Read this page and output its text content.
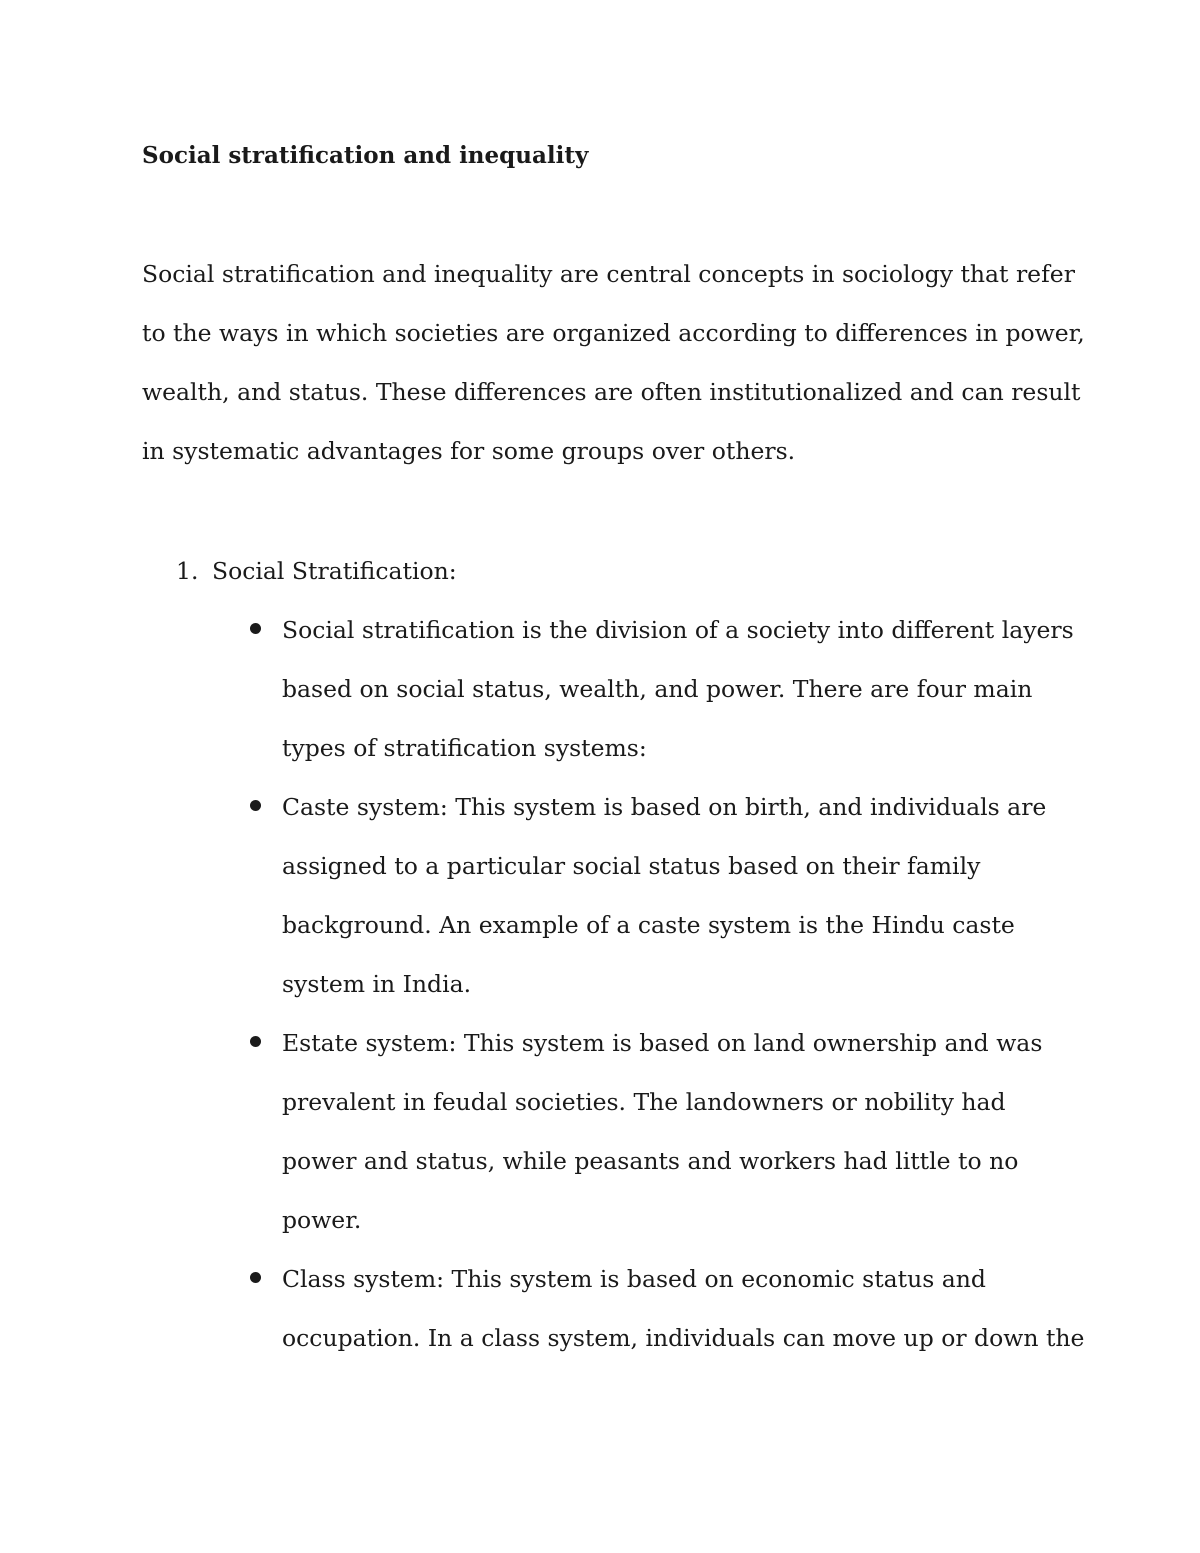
Social stratification and inequality
Social stratification and inequality are central concepts in sociology that refer
to the ways in which societies are organized according to differences in power,
wealth, and status. These differences are often institutionalized and can result
in systematic advantages for some groups over others.
1. Social Stratification:
Social stratification is the division of a society into different layers
based on social status, wealth, and power. There are four main
types of stratification systems:
Caste system: This system is based on birth, and individuals are
assigned to a particular social status based on their family
background. An example of a caste system is the Hindu caste
system in India.
Estate system: This system is based on land ownership and was
prevalent in feudal societies. The landowners or nobility had
power and status, while peasants and workers had little to no
power.
Class system: This system is based on economic status and
occupation. In a class system, individuals can move up or down the
